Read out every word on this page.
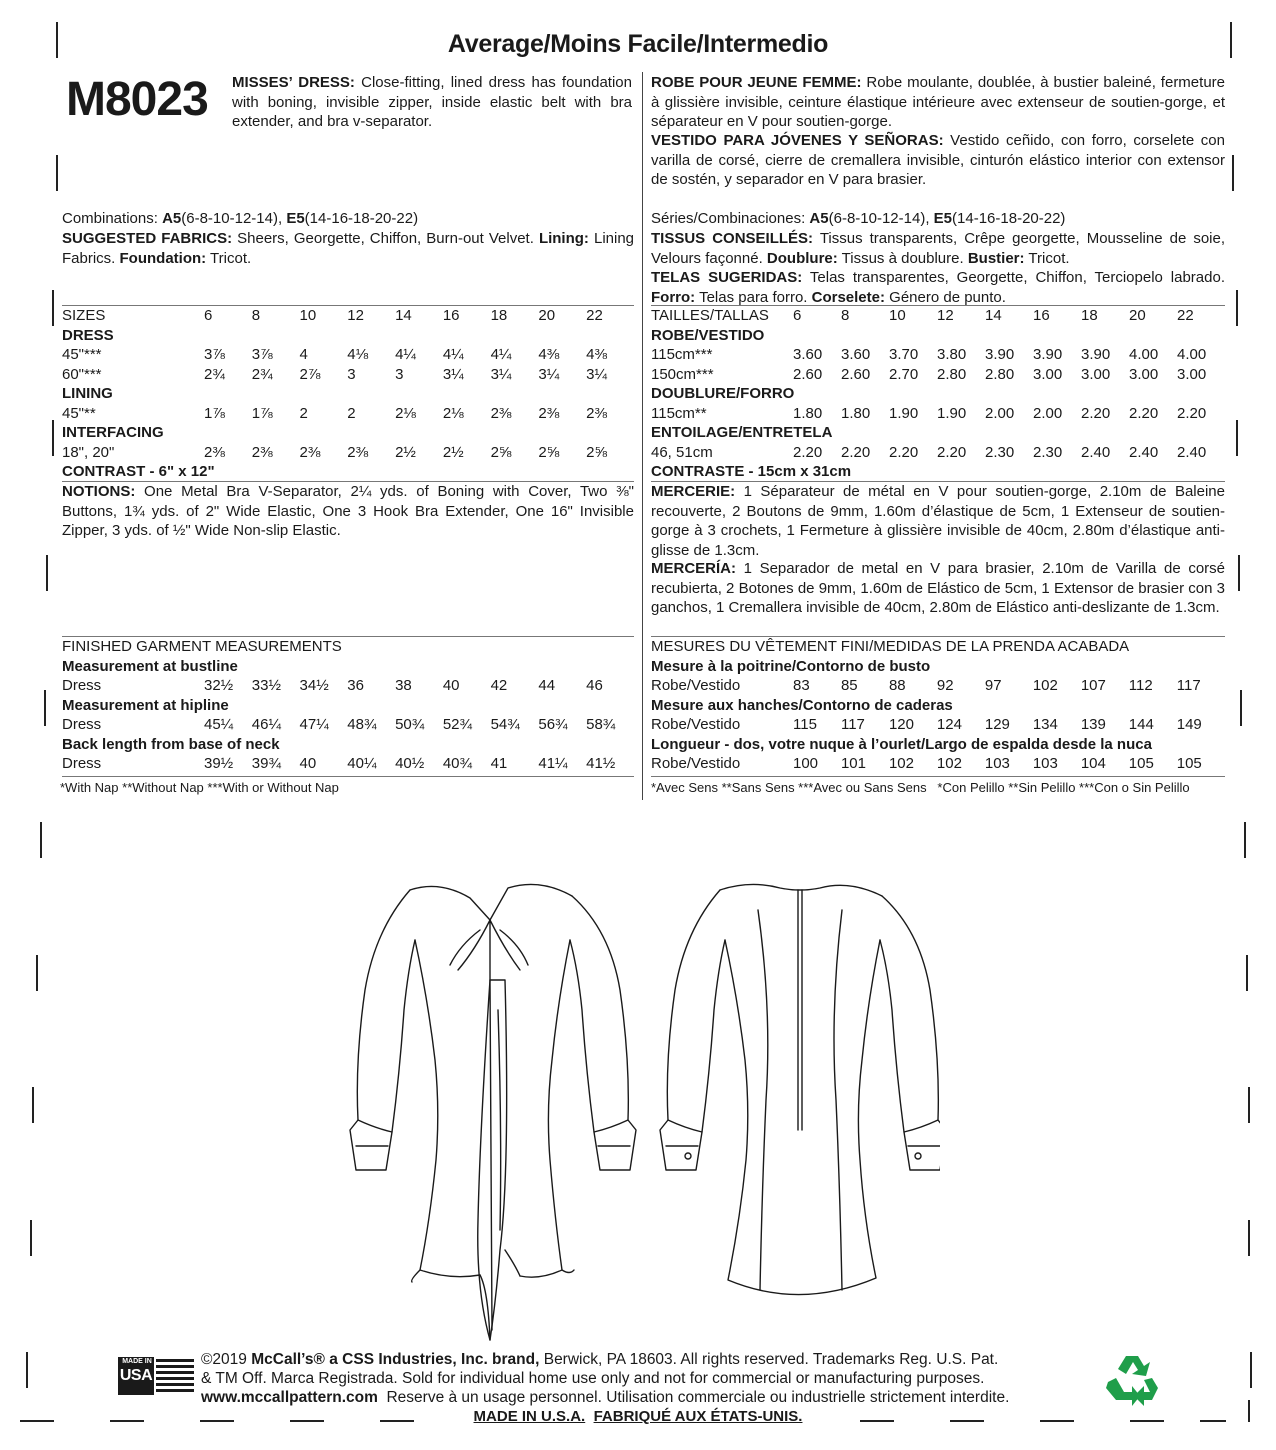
Average/Moins Facile/Intermedio
M8023 MISSES’ DRESS: Close-fitting, lined dress has foundation with boning, invisible zipper, inside elastic belt with bra extender, and bra v-separator.
ROBE POUR JEUNE FEMME: Robe moulante, doublée, à bustier baleiné, fermeture à glissière invisible, ceinture élastique intérieure avec extenseur de soutien-gorge, et séparateur en V pour soutien-gorge.
VESTIDO PARA JÓVENES Y SEÑORAS: Vestido ceñido, con forro, corselete con varilla de corsé, cierre de cremallera invisible, cinturón elástico interior con extensor de sostén, y separador en V para brasier.
Combinations: A5(6-8-10-12-14), E5(14-16-18-20-22)	Séries/Combinaciones: A5(6-8-10-12-14), E5(14-16-18-20-22)
SUGGESTED FABRICS: Sheers, Georgette, Chiffon, Burn-out Velvet. Lining: Lining Fabrics. Foundation: Tricot.
TISSUS CONSEILLÉS: Tissus transparents, Crêpe georgette, Mousseline de soie, Velours façonné. Doublure: Tissus à doublure. Bustier: Tricot.
TELAS SUGERIDAS: Telas transparentes, Georgette, Chiffon, Terciopelo labrado. Forro: Telas para forro. Corselete: Género de punto.
SIZES	6	8	10	12	14	16	18	20	22
DRESS									
45"***	3⅞	3⅞	4	4⅛	4¼	4¼	4¼	4⅜	4⅜
60"***	2¾	2¾	2⅞	3	3	3¼	3¼	3¼	3¼
LINING									
45"**	1⅞	1⅞	2	2	2⅛	2⅛	2⅜	2⅜	2⅜
INTERFACING									
18", 20"	2⅜	2⅜	2⅜	2⅜	2½	2½	2⅝	2⅝	2⅝
CONTRAST - 6" x 12"									
TAILLES/TALLAS	6	8	10	12	14	16	18	20	22
ROBE/VESTIDO									
115cm***	3.60	3.60	3.70	3.80	3.90	3.90	3.90	4.00	4.00
150cm***	2.60	2.60	2.70	2.80	2.80	3.00	3.00	3.00	3.00
DOUBLURE/FORRO									
115cm**	1.80	1.80	1.90	1.90	2.00	2.00	2.20	2.20	2.20
ENTOILAGE/ENTRETELA									
46, 51cm	2.20	2.20	2.20	2.20	2.30	2.30	2.40	2.40	2.40
CONTRASTE - 15cm x 31cm									
NOTIONS: One Metal Bra V-Separator, 2¼ yds. of Boning with Cover, Two ⅜" Buttons, 1¾ yds. of 2" Wide Elastic, One 3 Hook Bra Extender, One 16" Invisible Zipper, 3 yds. of ½" Wide Non-slip Elastic.
MERCERIE: 1 Séparateur de métal en V pour soutien-gorge, 2.10m de Baleine recouverte, 2 Boutons de 9mm, 1.60m d’élastique de 5cm, 1 Extenseur de soutien-gorge à 3 crochets, 1 Fermeture à glissière invisible de 40cm, 2.80m d’élastique anti-glisse de 1.3cm.
MERCERÍA: 1 Separador de metal en V para brasier, 2.10m de Varilla de corsé recubierta, 2 Botones de 9mm, 1.60m de Elástico de 5cm, 1 Extensor de brasier con 3 ganchos, 1 Cremallera invisible de 40cm, 2.80m de Elástico anti-deslizante de 1.3cm.
FINISHED GARMENT MEASUREMENTS									
Measurement at bustline									
Dress	32½	33½	34½	36	38	40	42	44	46
Measurement at hipline									
Dress	45¼	46¼	47¼	48¾	50¾	52¾	54¾	56¾	58¾
Back length from base of neck									
Dress	39½	39¾	40	40¼	40½	40¾	41	41¼	41½
MESURES DU VÊTEMENT FINI/MEDIDAS DE LA PRENDA ACABADA									
Mesure à la poitrine/Contorno de busto									
Robe/Vestido	83	85	88	92	97	102	107	112	117
Mesure aux hanches/Contorno de caderas									
Robe/Vestido	115	117	120	124	129	134	139	144	149
Longueur - dos, votre nuque à l’ourlet/Largo de espalda desde la nuca									
Robe/Vestido	100	101	102	102	103	103	104	105	105
*With Nap **Without Nap ***With or Without Nap	*Avec Sens **Sans Sens ***Avec ou Sans Sens   *Con Pelillo **Sin Pelillo ***Con o Sin Pelillo
MADE IN
USA
©2019 McCall’s® a CSS Industries, Inc. brand, Berwick, PA 18603. All rights reserved. Trademarks Reg. U.S. Pat.
& TM Off. Marca Registrada. Sold for individual home use only and not for commercial or manufacturing purposes.
www.mccallpattern.com  Reserve à un usage personnel. Utilisation commerciale ou industrielle strictement interdite.
MADE IN U.S.A. FABRIQUÉ AUX ÉTATS-UNIS.
